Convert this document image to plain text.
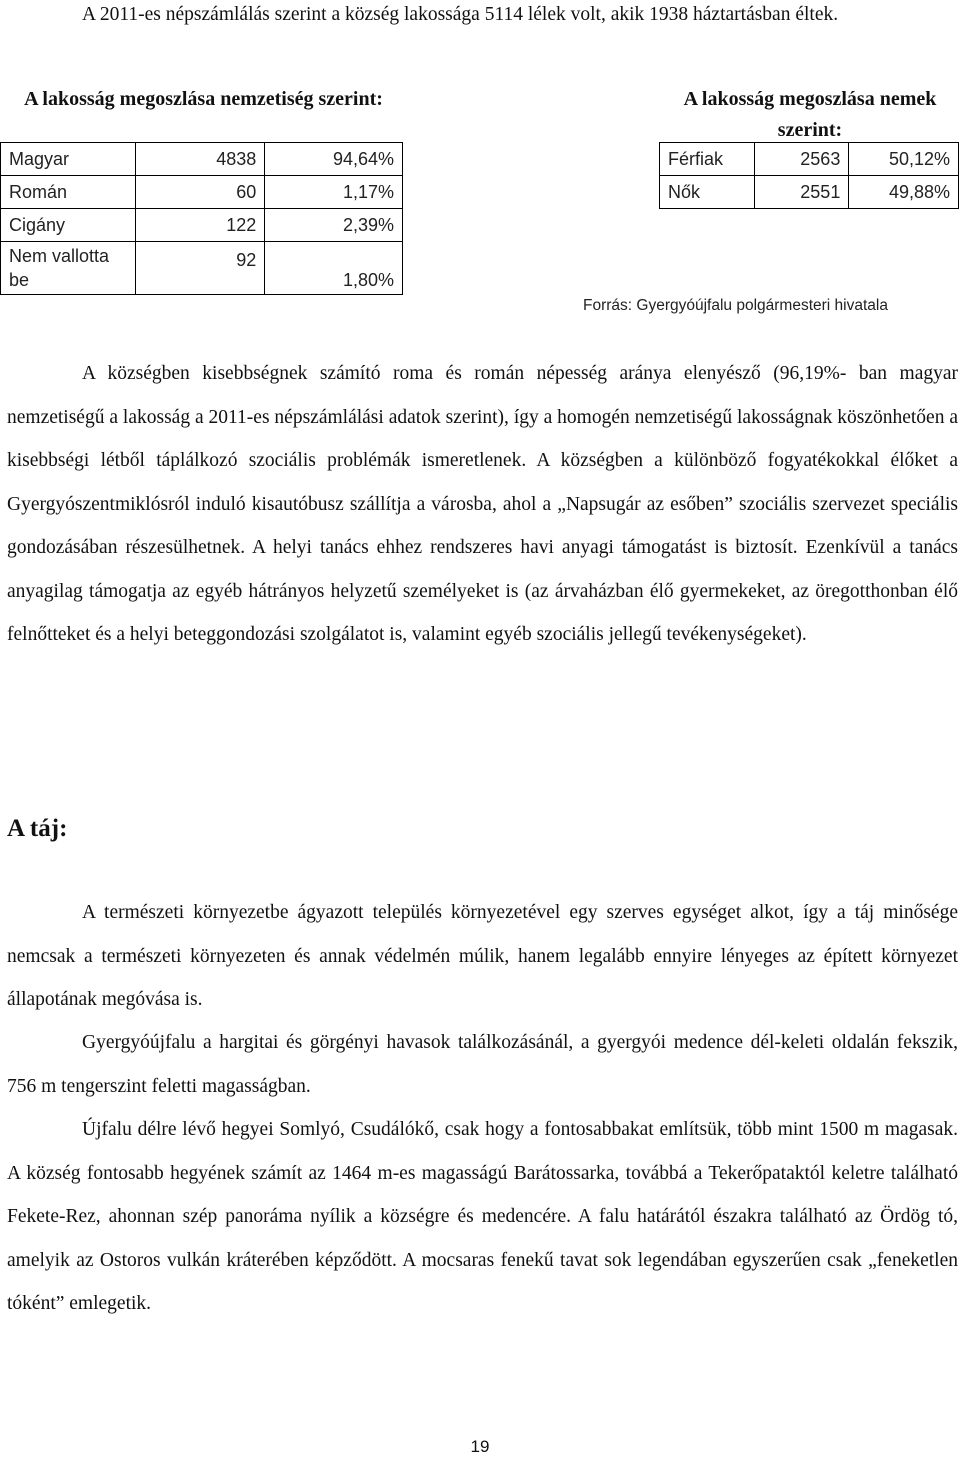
A 2011-es népszámlálás szerint a község lakossága 5114 lélek volt, akik 1938 háztartásban éltek.

A lakosság megoszlása nemzetiség szerint:
Magyar	4838	94,64%
Román	60	1,17%
Cigány	122	2,39%
Nem vallotta be	92	1,80%
A lakosság megoszlása nemek szerint:
Férfiak	2563	50,12%
Nők	2551	49,88%
Forrás: Gyergyóújfalu polgármesteri hivatala

A községben kisebbségnek számító roma és román népesség aránya elenyésző (96,19%- ban magyar nemzetiségű a lakosság a 2011-es népszámlálási adatok szerint), így a homogén nemzetiségű lakosságnak köszönhetően a kisebbségi létből táplálkozó szociális problémák ismeretlenek. A községben a különböző fogyatékokkal élőket a Gyergyószentmiklósról induló kisautóbusz szállítja a városba, ahol a „Napsugár az esőben” szociális szervezet speciális gondozásában részesülhetnek. A helyi tanács ehhez rendszeres havi anyagi támogatást is biztosít. Ezenkívül a tanács anyagilag támogatja az egyéb hátrányos helyzetű személyeket is (az árvaházban élő gyermekeket, az öregotthonban élő felnőtteket és a helyi beteggondozási szolgálatot is, valamint egyéb szociális jellegű tevékenységeket).

A táj:

A természeti környezetbe ágyazott település környezetével egy szerves egységet alkot, így a táj minősége nemcsak a természeti környezeten és annak védelmén múlik, hanem legalább ennyire lényeges az épített környezet állapotának megóvása is.

Gyergyóújfalu a hargitai és görgényi havasok találkozásánál, a gyergyói medence dél-keleti oldalán fekszik, 756 m tengerszint feletti magasságban.

Újfalu délre lévő hegyei Somlyó, Csudálókő, csak hogy a fontosabbakat említsük, több mint 1500 m magasak. A község fontosabb hegyének számít az 1464 m-es magasságú Barátossarka, továbbá a Tekerőpataktól keletre található Fekete-Rez, ahonnan szép panoráma nyílik a községre és medencére. A falu határától északra található az Ördög tó, amelyik az Ostoros vulkán kráterében képződött. A mocsaras fenekű tavat sok legendában egyszerűen csak „feneketlen tóként” emlegetik.

19
